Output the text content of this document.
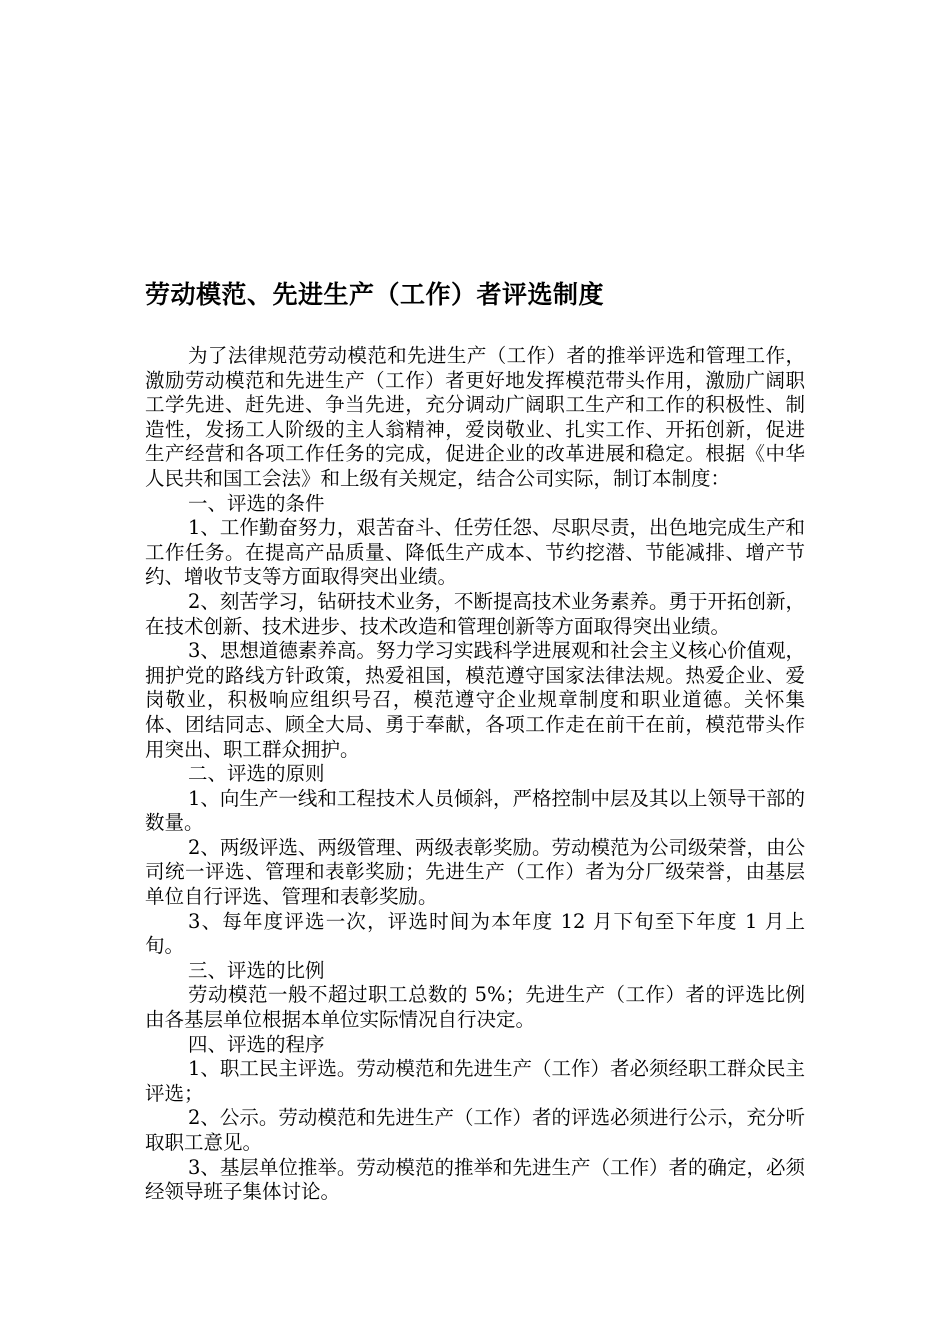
劳动模范、先进生产（工作）者评选制度

为了法律规范劳动模范和先进生产（工作）者的推举评选和管理工作，激励劳动模范和先进生产（工作）者更好地发挥模范带头作用，激励广阔职工学先进、赶先进、争当先进，充分调动广阔职工生产和工作的积极性、制造性，发扬工人阶级的主人翁精神，爱岗敬业、扎实工作、开拓创新，促进生产经营和各项工作任务的完成，促进企业的改革进展和稳定。根据《中华人民共和国工会法》和上级有关规定，结合公司实际，制订本制度：

一、评选的条件

1、工作勤奋努力，艰苦奋斗、任劳任怨、尽职尽责，出色地完成生产和工作任务。在提高产品质量、降低生产成本、节约挖潜、节能减排、增产节约、增收节支等方面取得突出业绩。

2、刻苦学习，钻研技术业务，不断提高技术业务素养。勇于开拓创新，在技术创新、技术进步、技术改造和管理创新等方面取得突出业绩。

3、思想道德素养高。努力学习实践科学进展观和社会主义核心价值观，拥护党的路线方针政策，热爱祖国，模范遵守国家法律法规。热爱企业、爱岗敬业，积极响应组织号召，模范遵守企业规章制度和职业道德。关怀集体、团结同志、顾全大局、勇于奉献，各项工作走在前干在前，模范带头作用突出、职工群众拥护。

二、评选的原则

1、向生产一线和工程技术人员倾斜，严格控制中层及其以上领导干部的数量。

2、两级评选、两级管理、两级表彰奖励。劳动模范为公司级荣誉，由公司统一评选、管理和表彰奖励；先进生产（工作）者为分厂级荣誉，由基层单位自行评选、管理和表彰奖励。

3、每年度评选一次，评选时间为本年度 12 月下旬至下年度 1 月上旬。

三、评选的比例

劳动模范一般不超过职工总数的 5%；先进生产（工作）者的评选比例由各基层单位根据本单位实际情况自行决定。

四、评选的程序

1、职工民主评选。劳动模范和先进生产（工作）者必须经职工群众民主评选；

2、公示。劳动模范和先进生产（工作）者的评选必须进行公示，充分听取职工意见。

3、基层单位推举。劳动模范的推举和先进生产（工作）者的确定，必须经领导班子集体讨论。
